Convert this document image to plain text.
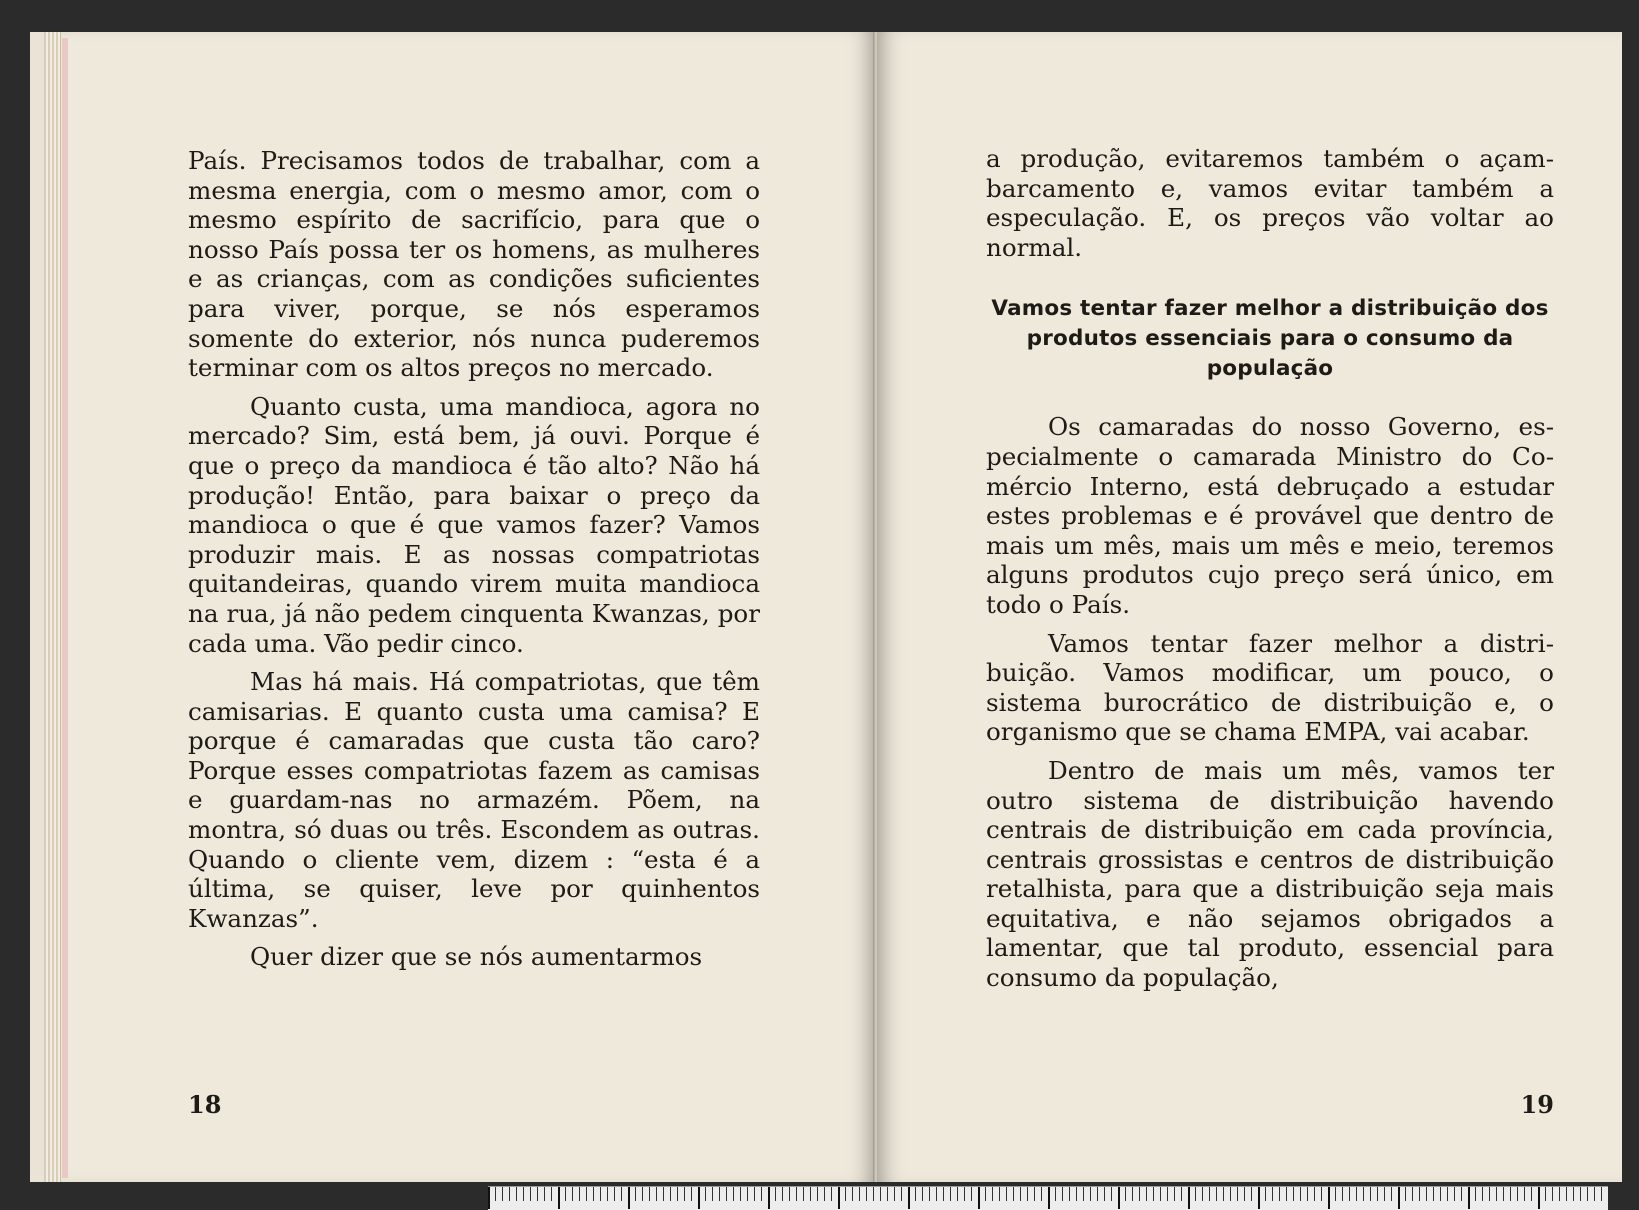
País. Precisamos todos de trabalhar, com a mesma energia, com o mesmo amor, com o mesmo espírito de sacrifício, para que o nosso País possa ter os homens, as mulheres e as crianças, com as condições suficientes para viver, porque, se nós esperamos somente do exterior, nós nunca puderemos terminar com os altos preços no mercado.

Quanto custa, uma mandioca, agora no mercado? Sim, está bem, já ouvi. Porque é que o preço da mandioca é tão alto? Não há produção! Então, para baixar o preço da mandioca o que é que vamos fazer? Vamos produzir mais. E as nossas compatriotas quitandeiras, quando virem muita mandioca na rua, já não pedem cinquenta Kwanzas, por cada uma. Vão pedir cinco.

Mas há mais. Há compatriotas, que têm camisarias. E quanto custa uma camisa? E porque é camaradas que custa tão caro? Porque esses compatriotas fazem as camisas e guardam-nas no armazém. Põem, na montra, só duas ou três. Escondem as outras. Quando o cliente vem, dizem : “esta é a última, se quiser, leve por quinhentos Kwanzas”.

Quer dizer que se nós aumentarmos

18

a produção, evitaremos também o açambarcamento e, vamos evitar também a especulação. E, os preços vão voltar ao normal.

Vamos tentar fazer melhor a distribuição dos produtos essenciais para o consumo da população

Os camaradas do nosso Governo, especialmente o camarada Ministro do Comércio Interno, está debruçado a estudar estes problemas e é provável que dentro de mais um mês, mais um mês e meio, teremos alguns produtos cujo preço será único, em todo o País.

Vamos tentar fazer melhor a distribuição. Vamos modificar, um pouco, o sistema burocrático de distribuição e, o organismo que se chama EMPA, vai acabar.

Dentro de mais um mês, vamos ter outro sistema de distribuição havendo centrais de distribuição em cada província, centrais grossistas e centros de distribuição retalhista, para que a distribuição seja mais equitativa, e não sejamos obrigados a lamentar, que tal produto, essencial para consumo da população,

19
